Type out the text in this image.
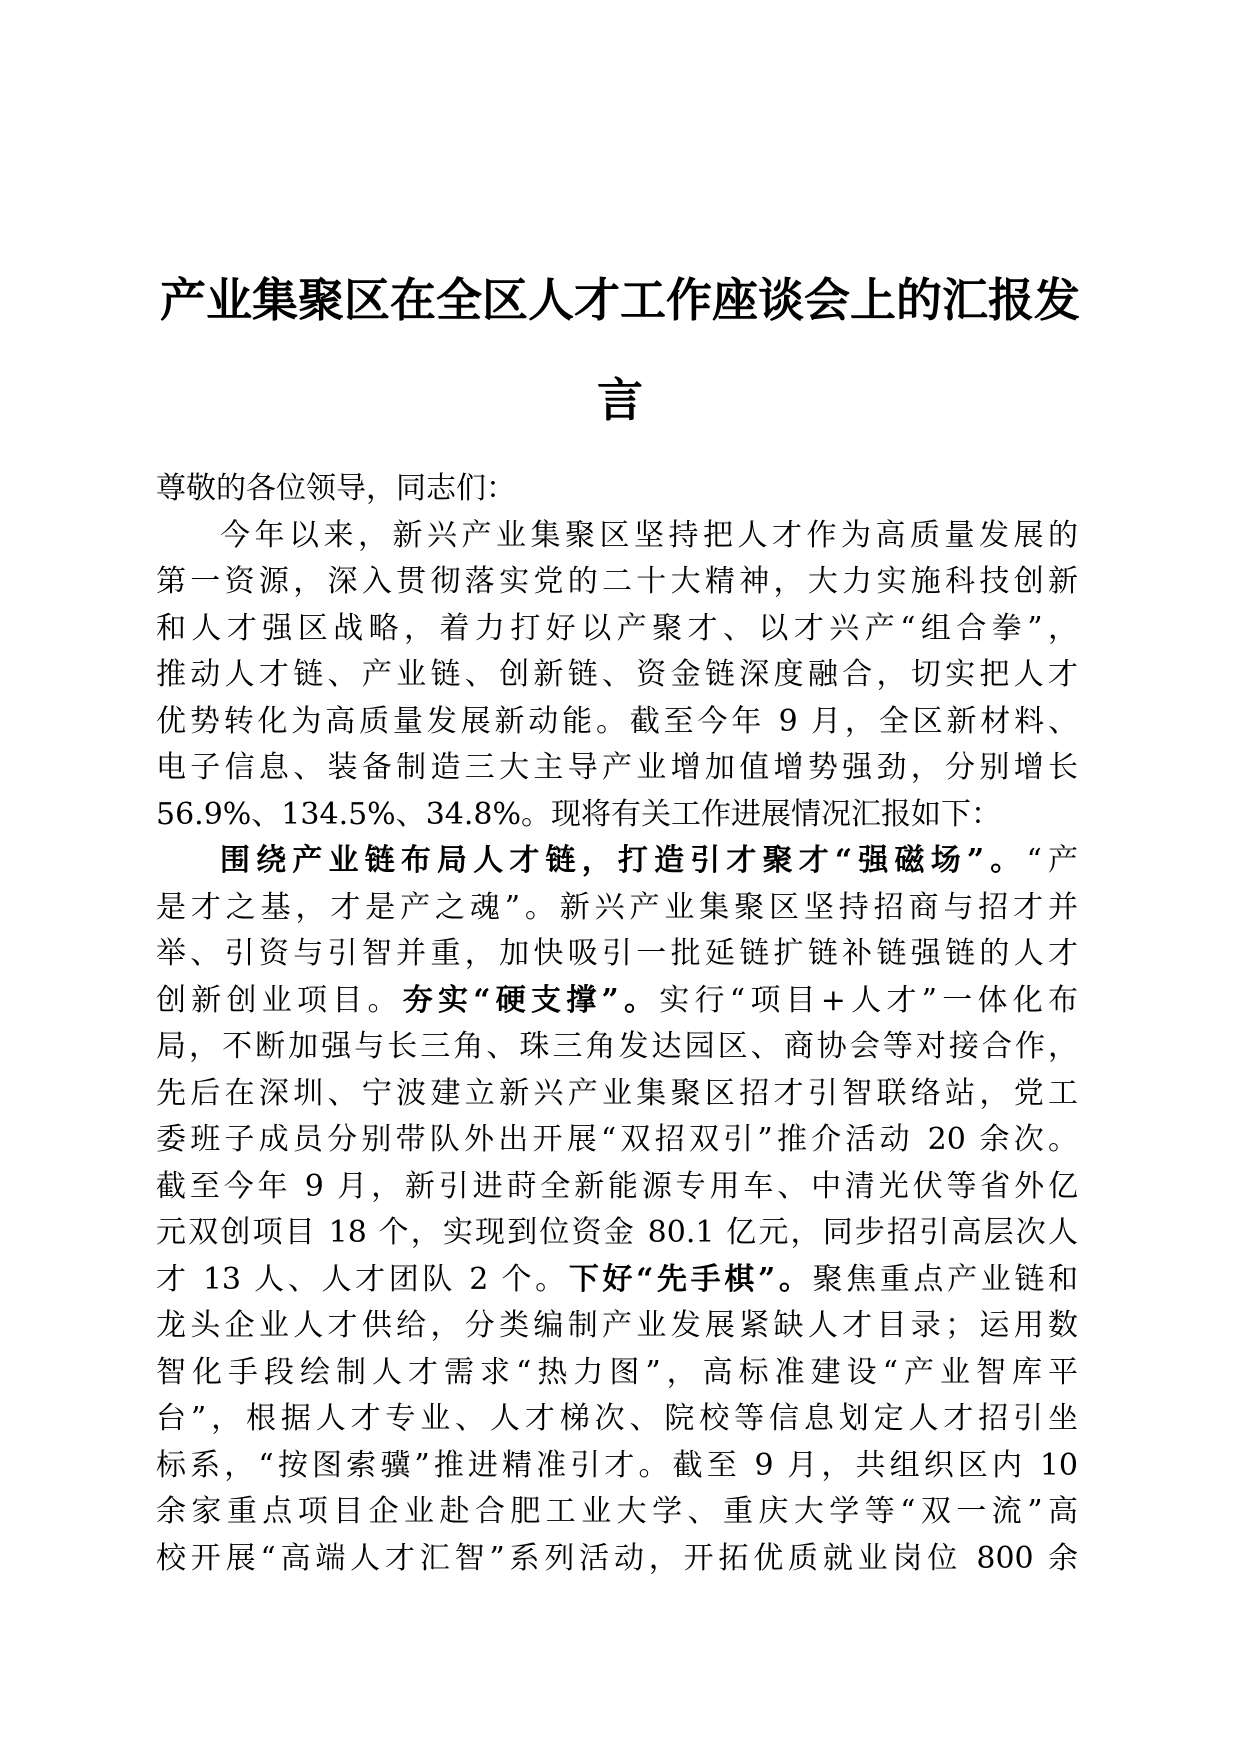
产业集聚区在全区人才工作座谈会上的汇报发
言
尊敬的各位领导，同志们：
今年以来，新兴产业集聚区坚持把人才作为高质量发展的
第一资源，深入贯彻落实党的二十大精神，大力实施科技创新
和人才强区战略，着力打好以产聚才、以才兴产“组合拳”，
推动人才链、产业链、创新链、资金链深度融合，切实把人才
优势转化为高质量发展新动能。截至今年 9 月，全区新材料、
电子信息、装备制造三大主导产业增加值增势强劲，分别增长
56.9%、134.5%、34.8%。现将有关工作进展情况汇报如下：
围绕产业链布局人才链，打造引才聚才“强磁场”。“产
是才之基，才是产之魂”。新兴产业集聚区坚持招商与招才并
举、引资与引智并重，加快吸引一批延链扩链补链强链的人才
创新创业项目。夯实“硬支撑”。实行“项目+人才”一体化布
局，不断加强与长三角、珠三角发达园区、商协会等对接合作，
先后在深圳、宁波建立新兴产业集聚区招才引智联络站，党工
委班子成员分别带队外出开展“双招双引”推介活动 20 余次。
截至今年 9 月，新引进莳全新能源专用车、中清光伏等省外亿
元双创项目 18 个，实现到位资金 80.1 亿元，同步招引高层次人
才 13 人、人才团队 2 个。下好“先手棋”。聚焦重点产业链和
龙头企业人才供给，分类编制产业发展紧缺人才目录；运用数
智化手段绘制人才需求“热力图”，高标准建设“产业智库平
台”，根据人才专业、人才梯次、院校等信息划定人才招引坐
标系，“按图索骥”推进精准引才。截至 9 月，共组织区内 10
余家重点项目企业赴合肥工业大学、重庆大学等“双一流”高
校开展“高端人才汇智”系列活动，开拓优质就业岗位 800 余
